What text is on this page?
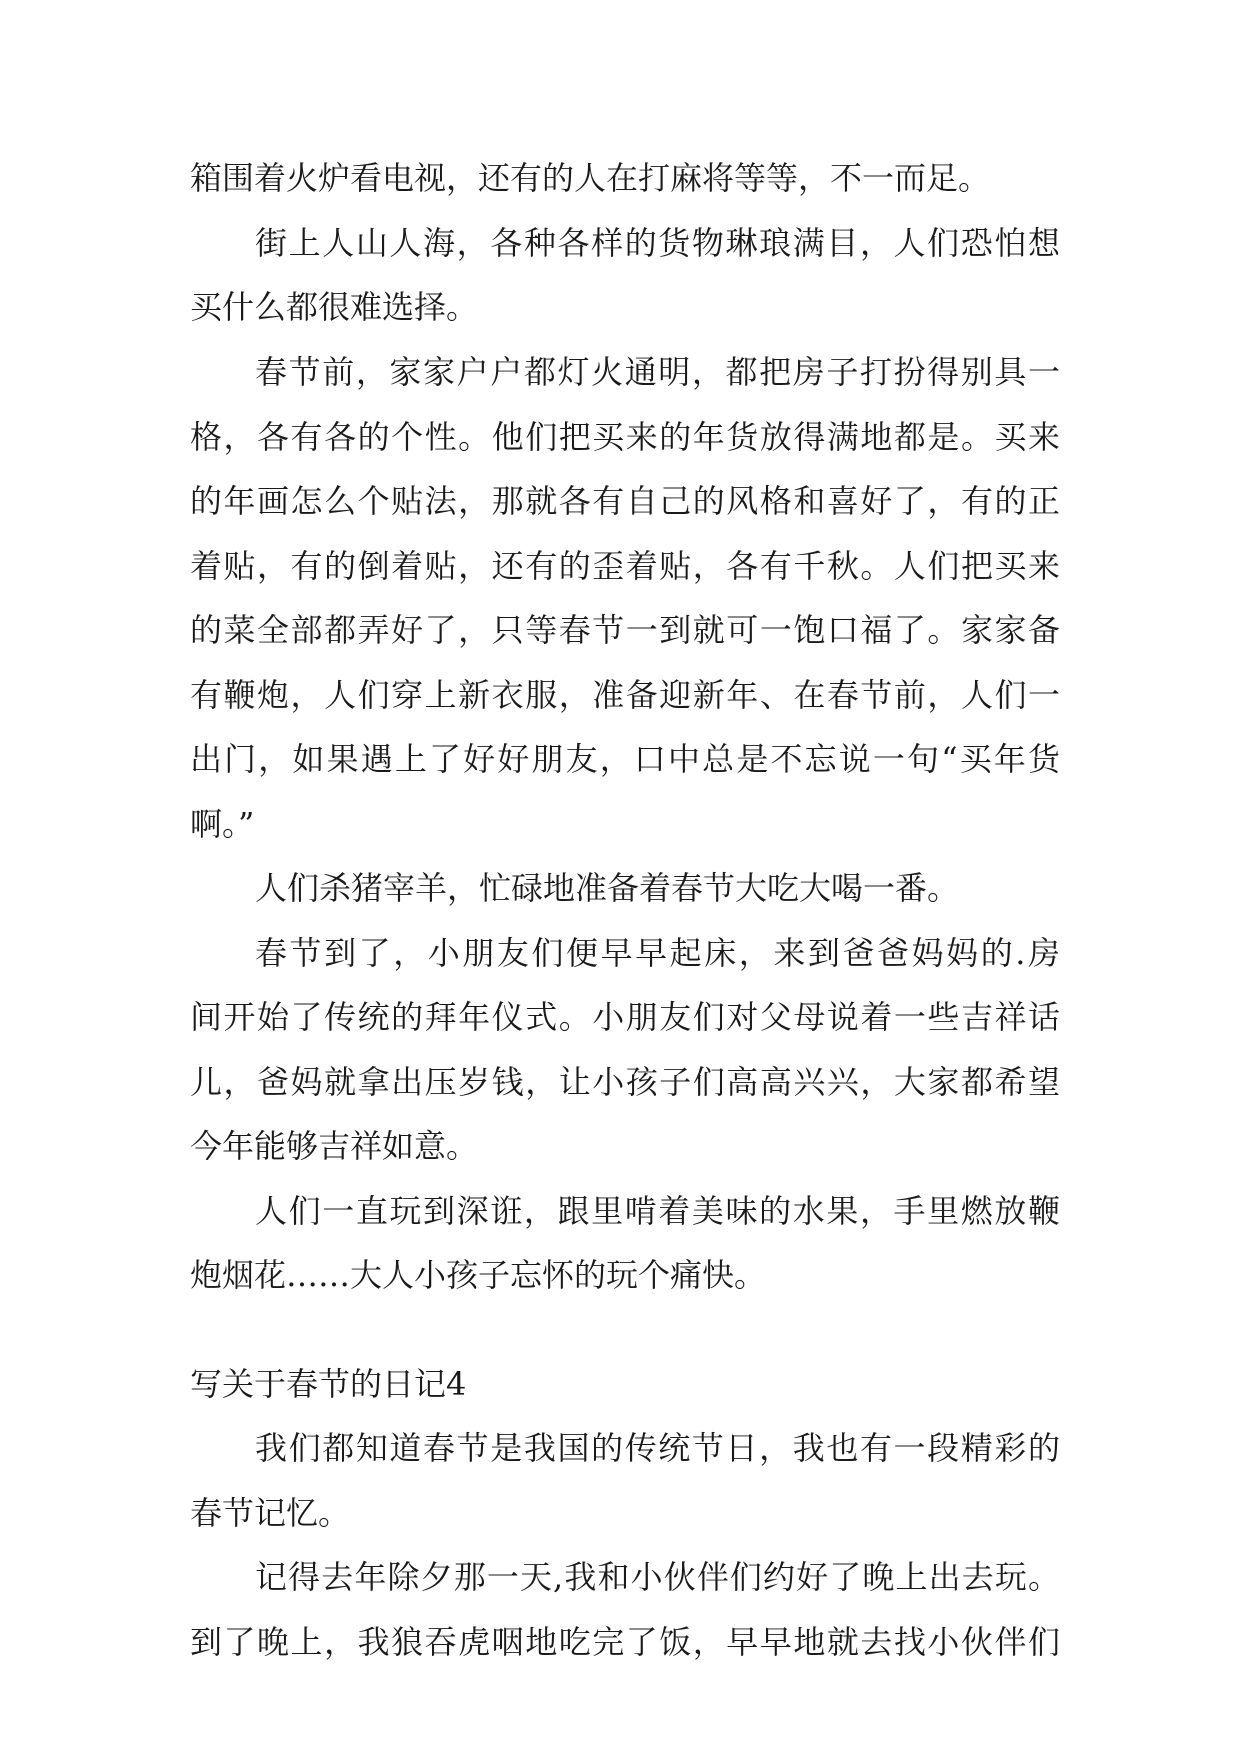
箱围着火炉看电视，还有的人在打麻将等等，不一而足。
街上人山人海，各种各样的货物琳琅满目，人们恐怕想
买什么都很难选择。
春节前，家家户户都灯火通明，都把房子打扮得别具一
格，各有各的个性。他们把买来的年货放得满地都是。买来
的年画怎么个贴法，那就各有自己的风格和喜好了，有的正
着贴，有的倒着贴，还有的歪着贴，各有千秋。人们把买来
的菜全部都弄好了，只等春节一到就可一饱口福了。家家备
有鞭炮，人们穿上新衣服，准备迎新年、在春节前，人们一
出门，如果遇上了好好朋友，口中总是不忘说一句“买年货
啊。”
人们杀猪宰羊，忙碌地准备着春节大吃大喝一番。
春节到了，小朋友们便早早起床，来到爸爸妈妈的.房
间开始了传统的拜年仪式。小朋友们对父母说着一些吉祥话
儿，爸妈就拿出压岁钱，让小孩子们高高兴兴，大家都希望
今年能够吉祥如意。
人们一直玩到深诳，跟里啃着美味的水果，手里燃放鞭
炮烟花……大人小孩子忘怀的玩个痛快。
写关于春节的日记4
我们都知道春节是我国的传统节日，我也有一段精彩的
春节记忆。
记得去年除夕那一天,我和小伙伴们约好了晚上出去玩。
到了晚上，我狼吞虎咽地吃完了饭，早早地就去找小伙伴们
